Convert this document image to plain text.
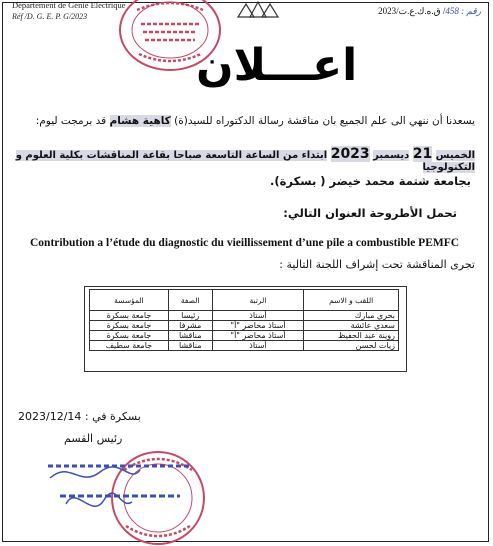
Département de Génie Electrique
Réf /D. G. E. P. G/2023
رقم : 458/ ق.ه.ك.ع.ت/2023
اعـــلان
يسعدنا أن ننهي الى علم الجميع بان مناقشة رسالة الدكتوراه للسيد(ة) كاهية هشام قد برمجت ليوم:
الخميس 21 ديسمبر 2023 ابتداء من الساعة التاسعة صباحا بقاعة المناقشات بكلية العلوم و التكنولوجيا
بجامعة شتمة محمد خيضر ( بسكرة).
تحمل الأطروحة العنوان التالي:
Contribution a l’étude du diagnostic du vieillissement d’une pile a combustible PEMFC
تجرى المناقشة تحت إشراف اللجنة التالية :
اللقب و الاسم	الرتبة	الصفة	المؤسسة
بحري مبارك	أستاذ	رئيسا	جامعة بسكرة
سعدي عائشة	أستاذ محاضر "أ"	مشرفا	جامعة بسكرة
روينة عبد الحفيظ	أستاذ محاضر "أ"	مناقشا	جامعة بسكرة
زيات لحسن	أستاذ	مناقشا	جامعة سطيف
بسكرة في : 2023/12/14
رئيس القسم
